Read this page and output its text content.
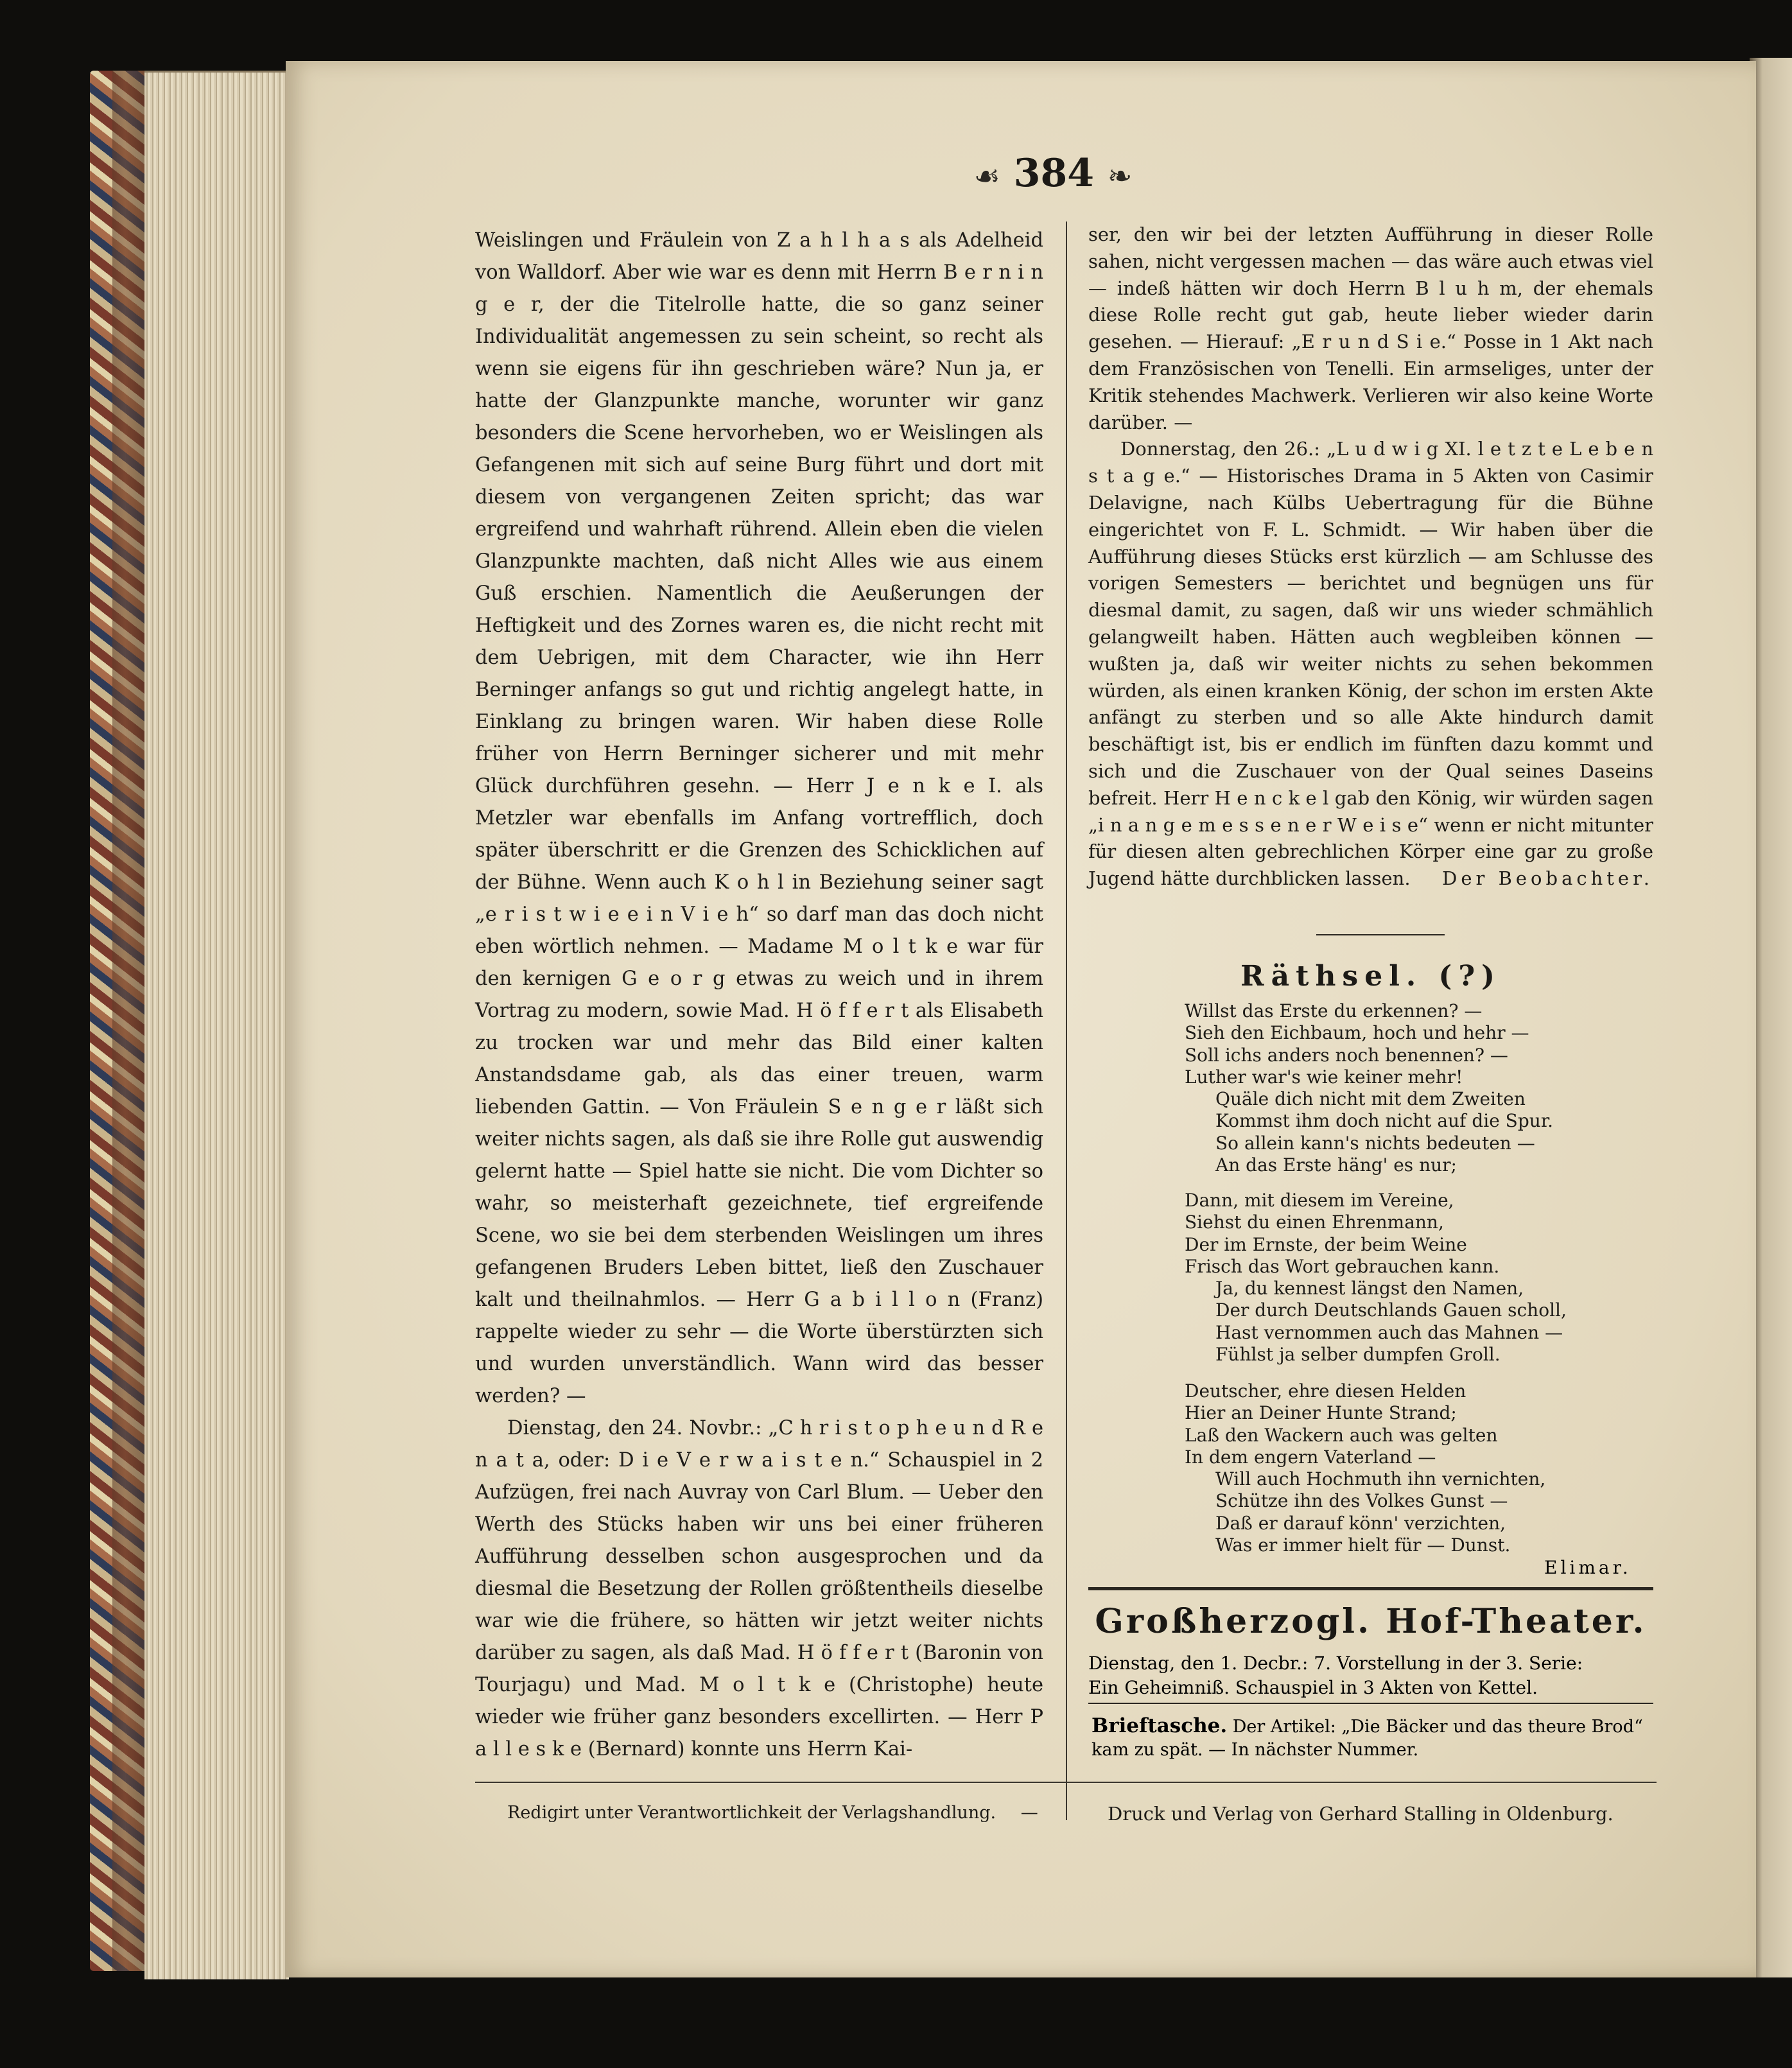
☙ 384 ❧

Weislingen und Fräulein von Z a h l h a s als Adelheid von Walldorf. Aber wie war es denn mit Herrn B e r n i n g e r, der die Titelrolle hatte, die so ganz seiner Individualität angemessen zu sein scheint, so recht als wenn sie eigens für ihn geschrieben wäre? Nun ja, er hatte der Glanzpunkte manche, worunter wir ganz besonders die Scene hervorheben, wo er Weislingen als Gefangenen mit sich auf seine Burg führt und dort mit diesem von vergangenen Zeiten spricht; das war ergreifend und wahrhaft rührend. Allein eben die vielen Glanzpunkte machten, daß nicht Alles wie aus einem Guß erschien. Namentlich die Aeußerungen der Heftigkeit und des Zornes waren es, die nicht recht mit dem Uebrigen, mit dem Character, wie ihn Herr Berninger anfangs so gut und richtig angelegt hatte, in Einklang zu bringen waren. Wir haben diese Rolle früher von Herrn Berninger sicherer und mit mehr Glück durchführen gesehn. — Herr J e n k e I. als Metzler war ebenfalls im Anfang vortrefflich, doch später überschritt er die Grenzen des Schicklichen auf der Bühne. Wenn auch K o h l in Beziehung seiner sagt „e r i s t w i e e i n V i e h“ so darf man das doch nicht eben wörtlich nehmen. — Madame M o l t k e war für den kernigen G e o r g etwas zu weich und in ihrem Vortrag zu modern, sowie Mad. H ö f f e r t als Elisabeth zu trocken war und mehr das Bild einer kalten Anstandsdame gab, als das einer treuen, warm liebenden Gattin. — Von Fräulein S e n g e r läßt sich weiter nichts sagen, als daß sie ihre Rolle gut auswendig gelernt hatte — Spiel hatte sie nicht. Die vom Dichter so wahr, so meisterhaft gezeichnete, tief ergreifende Scene, wo sie bei dem sterbenden Weislingen um ihres gefangenen Bruders Leben bittet, ließ den Zuschauer kalt und theilnahmlos. — Herr G a b i l l o n (Franz) rappelte wieder zu sehr — die Worte überstürzten sich und wurden unverständlich. Wann wird das besser werden? —

Dienstag, den 24. Novbr.: „C h r i s t o p h e u n d R e n a t a, oder: D i e V e r w a i s t e n.“ Schauspiel in 2 Aufzügen, frei nach Auvray von Carl Blum. — Ueber den Werth des Stücks haben wir uns bei einer früheren Aufführung desselben schon ausgesprochen und da diesmal die Besetzung der Rollen größtentheils dieselbe war wie die frühere, so hätten wir jetzt weiter nichts darüber zu sagen, als daß Mad. H ö f f e r t (Baronin von Tourjagu) und Mad. M o l t k e (Christophe) heute wieder wie früher ganz besonders excellirten. — Herr P a l l e s k e (Bernard) konnte uns Herrn Kai-

ser, den wir bei der letzten Aufführung in dieser Rolle sahen, nicht vergessen machen — das wäre auch etwas viel — indeß hätten wir doch Herrn B l u h m, der ehemals diese Rolle recht gut gab, heute lieber wieder darin gesehen. — Hierauf: „E r u n d S i e.“ Posse in 1 Akt nach dem Französischen von Tenelli. Ein armseliges, unter der Kritik stehendes Machwerk. Verlieren wir also keine Worte darüber. —

Donnerstag, den 26.: „L u d w i g XI. l e t z t e L e b e n s t a g e.“ — Historisches Drama in 5 Akten von Casimir Delavigne, nach Külbs Uebertragung für die Bühne eingerichtet von F. L. Schmidt. — Wir haben über die Aufführung dieses Stücks erst kürzlich — am Schlusse des vorigen Semesters — berichtet und begnügen uns für diesmal damit, zu sagen, daß wir uns wieder schmählich gelangweilt haben. Hätten auch wegbleiben können — wußten ja, daß wir weiter nichts zu sehen bekommen würden, als einen kranken König, der schon im ersten Akte anfängt zu sterben und so alle Akte hindurch damit beschäftigt ist, bis er endlich im fünften dazu kommt und sich und die Zuschauer von der Qual seines Daseins befreit. Herr H e n c k e l gab den König, wir würden sagen „i n a n g e m e s s e n e r W e i s e“ wenn er nicht mitunter für diesen alten gebrechlichen Körper eine gar zu große Jugend hätte durchblicken lassen.	Der Beobachter.

Räthsel. (?)
Willst das Erste du erkennen? —
Sieh den Eichbaum, hoch und hehr —
Soll ichs anders noch benennen? —
Luther war's wie keiner mehr!
Quäle dich nicht mit dem Zweiten
Kommst ihm doch nicht auf die Spur.
So allein kann's nichts bedeuten —
An das Erste häng' es nur;
Dann, mit diesem im Vereine,
Siehst du einen Ehrenmann,
Der im Ernste, der beim Weine
Frisch das Wort gebrauchen kann.
Ja, du kennest längst den Namen,
Der durch Deutschlands Gauen scholl,
Hast vernommen auch das Mahnen —
Fühlst ja selber dumpfen Groll.
Deutscher, ehre diesen Helden
Hier an Deiner Hunte Strand;
Laß den Wackern auch was gelten
In dem engern Vaterland —
Will auch Hochmuth ihn vernichten,
Schütze ihn des Volkes Gunst —
Daß er darauf könn' verzichten,
Was er immer hielt für — Dunst.
Elimar.
Großherzogl. Hof-Theater.
Dienstag, den 1. Decbr.: 7. Vorstellung in der 3. Serie:
Ein Geheimniß. Schauspiel in 3 Akten von Kettel.
Brieftasche. Der Artikel: „Die Bäcker und das theure Brod“ kam zu spät. — In nächster Nummer.
Redigirt unter Verantwortlichkeit der Verlagshandlung. —	Druck und Verlag von Gerhard Stalling in Oldenburg.
